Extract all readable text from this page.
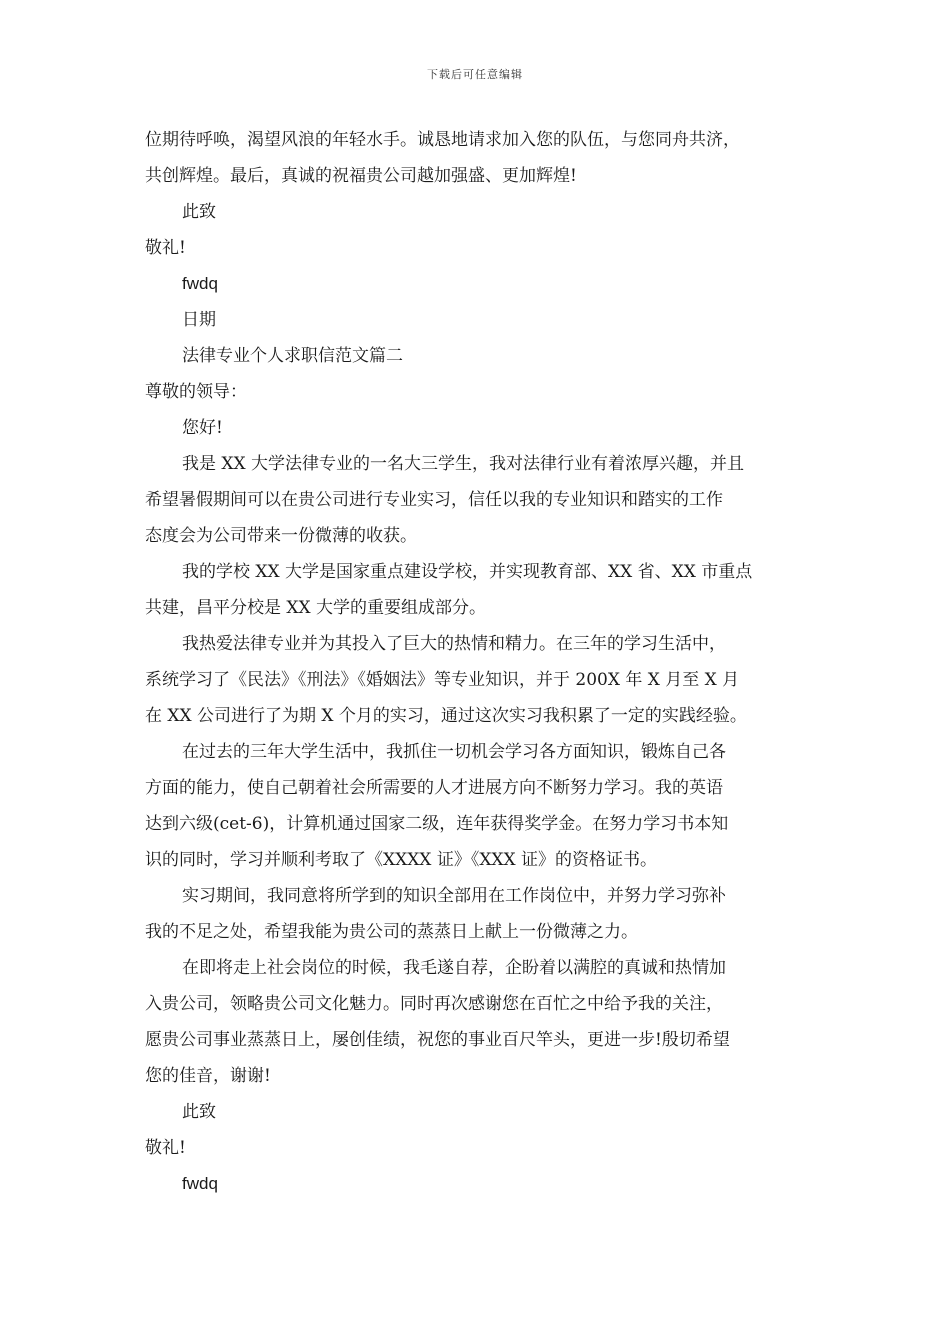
下载后可任意编辑

位期待呼唤，渴望风浪的年轻水手。诚恳地请求加入您的队伍，与您同舟共济，

共创辉煌。最后，真诚的祝福贵公司越加强盛、更加辉煌!

此致

敬礼!

fwdq

日期

法律专业个人求职信范文篇二

尊敬的领导：

您好!

我是 XX 大学法律专业的一名大三学生，我对法律行业有着浓厚兴趣，并且

希望暑假期间可以在贵公司进行专业实习，信任以我的专业知识和踏实的工作

态度会为公司带来一份微薄的收获。

我的学校 XX 大学是国家重点建设学校，并实现教育部、XX 省、XX 市重点

共建，昌平分校是 XX 大学的重要组成部分。

我热爱法律专业并为其投入了巨大的热情和精力。在三年的学习生活中，

系统学习了《民法》《刑法》《婚姻法》等专业知识，并于 200X 年 X 月至 X 月

在 XX 公司进行了为期 X 个月的实习，通过这次实习我积累了一定的实践经验。

在过去的三年大学生活中，我抓住一切机会学习各方面知识，锻炼自己各

方面的能力，使自己朝着社会所需要的人才进展方向不断努力学习。我的英语

达到六级(cet-6)，计算机通过国家二级，连年获得奖学金。在努力学习书本知

识的同时，学习并顺利考取了《XXXX 证》《XXX 证》的资格证书。

实习期间，我同意将所学到的知识全部用在工作岗位中，并努力学习弥补

我的不足之处，希望我能为贵公司的蒸蒸日上献上一份微薄之力。

在即将走上社会岗位的时候，我毛遂自荐，企盼着以满腔的真诚和热情加

入贵公司，领略贵公司文化魅力。同时再次感谢您在百忙之中给予我的关注，

愿贵公司事业蒸蒸日上，屡创佳绩，祝您的事业百尺竿头，更进一步!殷切希望

您的佳音，谢谢!

此致

敬礼!

fwdq
